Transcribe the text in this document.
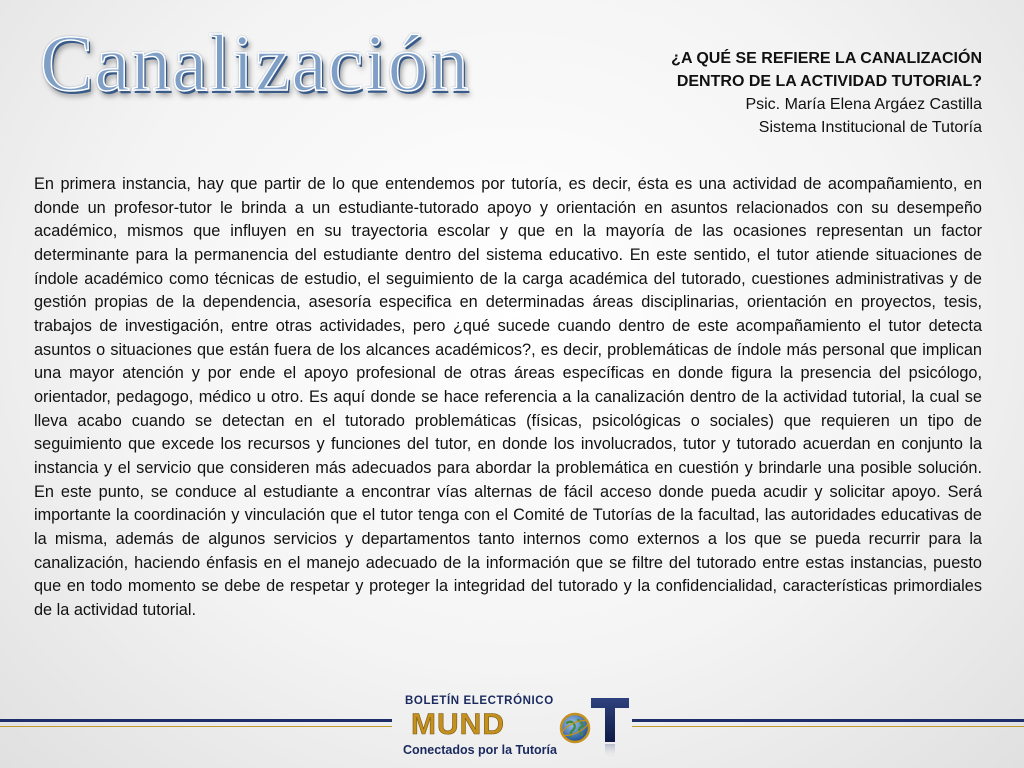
Canalización	¿A QUÉ SE REFIERE LA CANALIZACIÓN
DENTRO DE LA ACTIVIDAD TUTORIAL?
Psic. María Elena Argáez Castilla
Sistema Institucional de Tutoría

En primera instancia, hay que partir de lo que entendemos por tutoría, es decir, ésta es una actividad de acompañamiento, en donde un profesor-tutor le brinda a un estudiante-tutorado apoyo y orientación en asuntos relacionados con su desempeño académico, mismos que influyen en su trayectoria escolar y que en la mayoría de las ocasiones representan un factor determinante para la permanencia del estudiante dentro del sistema educativo. En este sentido, el tutor atiende situaciones de índole académico como técnicas de estudio, el seguimiento de la carga académica del tutorado, cuestiones administrativas y de gestión propias de la dependencia, asesoría especifica en determinadas áreas disciplinarias, orientación en proyectos, tesis, trabajos de investigación, entre otras actividades, pero ¿qué sucede cuando dentro de este acompañamiento el tutor detecta asuntos o situaciones que están fuera de los alcances académicos?, es decir, problemáticas de índole más personal que implican una mayor atención y por ende el apoyo profesional de otras áreas específicas en donde figura la presencia del psicólogo, orientador, pedagogo, médico u otro. Es aquí donde se hace referencia a la canalización dentro de la actividad tutorial, la cual se lleva acabo cuando se detectan en el tutorado problemáticas (físicas, psicológicas o sociales) que requieren un tipo de seguimiento que excede los recursos y funciones del tutor, en donde los involucrados, tutor y tutorado acuerdan en conjunto la instancia y el servicio que consideren más adecuados para abordar la problemática en cuestión y brindarle una posible solución. En este punto, se conduce al estudiante a encontrar vías alternas de fácil acceso donde pueda acudir y solicitar apoyo. Será importante la coordinación y vinculación que el tutor tenga con el Comité de Tutorías de la facultad, las autoridades educativas de la misma, además de algunos servicios y departamentos tanto internos como externos a los que se pueda recurrir para la canalización, haciendo énfasis en el manejo adecuado de la información que se filtre del tutorado entre estas instancias, puesto que en todo momento se debe de respetar y proteger la integridad del tutorado y la confidencialidad, características primordiales de la actividad tutorial.

BOLETÍN ELECTRÓNICO
MUND
Conectados por la Tutoría
